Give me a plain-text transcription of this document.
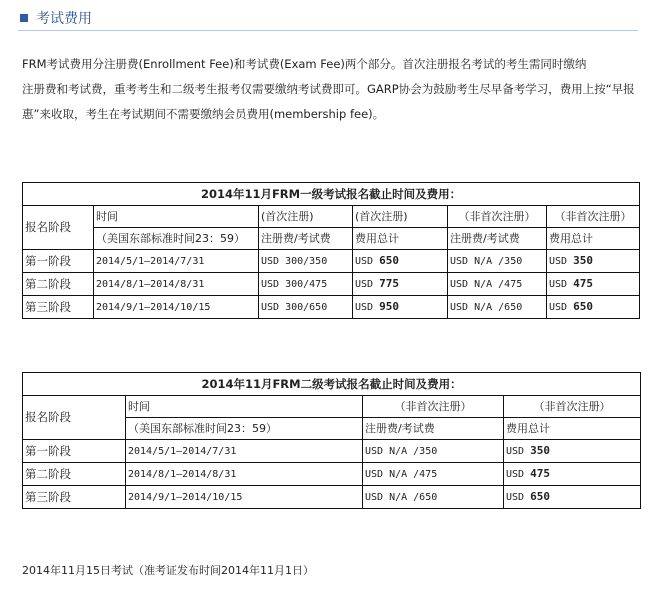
考试费用
FRM考试费用分注册费(Enrollment Fee)和考试费(Exam Fee)两个部分。首次注册报名考试的考生需同时缴纳
注册费和考试费，重考考生和二级考生报考仅需要缴纳考试费即可。GARP协会为鼓励考生尽早备考学习，费用上按“早报
惠”来收取，考生在考试期间不需要缴纳会员费用(membership fee)。
2014年11月FRM一级考试报名截止时间及费用：					
报名阶段	时间	(首次注册)	(首次注册)	（非首次注册）	（非首次注册）
	（美国东部标准时间23：59）	注册费/考试费	费用总计	注册费/考试费	费用总计
第一阶段	2014/5/1—2014/7/31	USD 300/350	USD 650	USD N/A /350	USD 350
第二阶段	2014/8/1—2014/8/31	USD 300/475	USD 775	USD N/A /475	USD 475
第三阶段	2014/9/1—2014/10/15	USD 300/650	USD 950	USD N/A /650	USD 650
2014年11月FRM二级考试报名截止时间及费用：			
报名阶段	时间	（非首次注册）	（非首次注册）
	（美国东部标准时间23：59）	注册费/考试费	费用总计
第一阶段	2014/5/1—2014/7/31	USD N/A /350	USD 350
第二阶段	2014/8/1—2014/8/31	USD N/A /475	USD 475
第三阶段	2014/9/1—2014/10/15	USD N/A /650	USD 650
2014年11月15日考试（准考证发布时间2014年11月1日）
